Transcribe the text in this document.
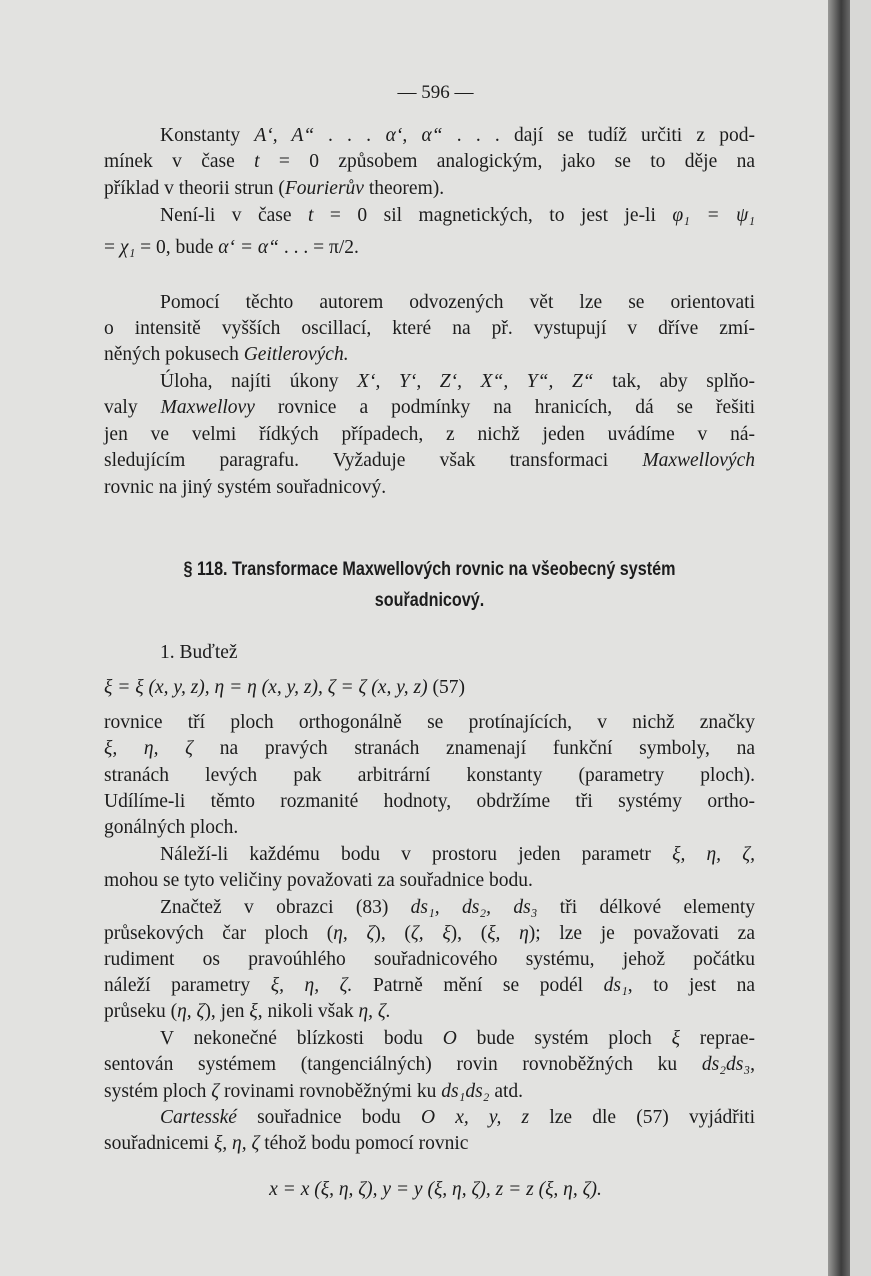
— 596 —
Konstanty A‘, A“ . . . α‘, α“ . . . dají se tudíž určiti z pod-
mínek v čase t = 0 způsobem analogickým, jako se to děje na
příklad v theorii strun (Fourierův theorem).
Není-li v čase t = 0 sil magnetických, to jest je-li φ₁ = ψ₁
= χ₁ = 0, bude α‘ = α“ . . . = π/2.
Pomocí těchto autorem odvozených vět lze se orientovati
o intensitě vyšších oscillací, které na př. vystupují v dříve zmí-
něných pokusech Geitlerových.
Úloha, najíti úkony X‘, Y‘, Z‘, X“, Y“, Z“ tak, aby splňo-
valy Maxwellovy rovnice a podmínky na hranicích, dá se řešiti
jen ve velmi řídkých případech, z nichž jeden uvádíme v ná-
sledujícím paragrafu. Vyžaduje však transformaci Maxwellových
rovnic na jiný systém souřadnicový.
§ 118. Transformace Maxwellových rovnic na všeobecný systém
souřadnicový.
1. Buďtež
ξ = ξ (x, y, z), η = η (x, y, z), ζ = ζ (x, y, z) (57)
rovnice tří ploch orthogonálně se protínajících, v nichž značky
ξ, η, ζ na pravých stranách znamenají funkční symboly, na
stranách levých pak arbitrární konstanty (parametry ploch).
Udílíme-li těmto rozmanité hodnoty, obdržíme tři systémy ortho-
gonálných ploch.
Náleží-li každému bodu v prostoru jeden parametr ξ, η, ζ,
mohou se tyto veličiny považovati za souřadnice bodu.
Značtež v obrazci (83) ds₁, ds₂, ds₃ tři délkové elementy
průsekových čar ploch (η, ζ), (ζ, ξ), (ξ, η); lze je považovati za
rudiment os pravoúhlého souřadnicového systému, jehož počátku
náleží parametry ξ, η, ζ. Patrně mění se podél ds₁, to jest na
průseku (η, ζ), jen ξ, nikoli však η, ζ.
V nekonečné blízkosti bodu O bude systém ploch ξ reprae-
sentován systémem (tangenciálných) rovin rovnoběžných ku ds₂ds₃,
systém ploch ζ rovinami rovnoběžnými ku ds₁ds₂ atd.
Cartesské souřadnice bodu O x, y, z lze dle (57) vyjádřiti
souřadnicemi ξ, η, ζ téhož bodu pomocí rovnic
x = x (ξ, η, ζ), y = y (ξ, η, ζ), z = z (ξ, η, ζ).
